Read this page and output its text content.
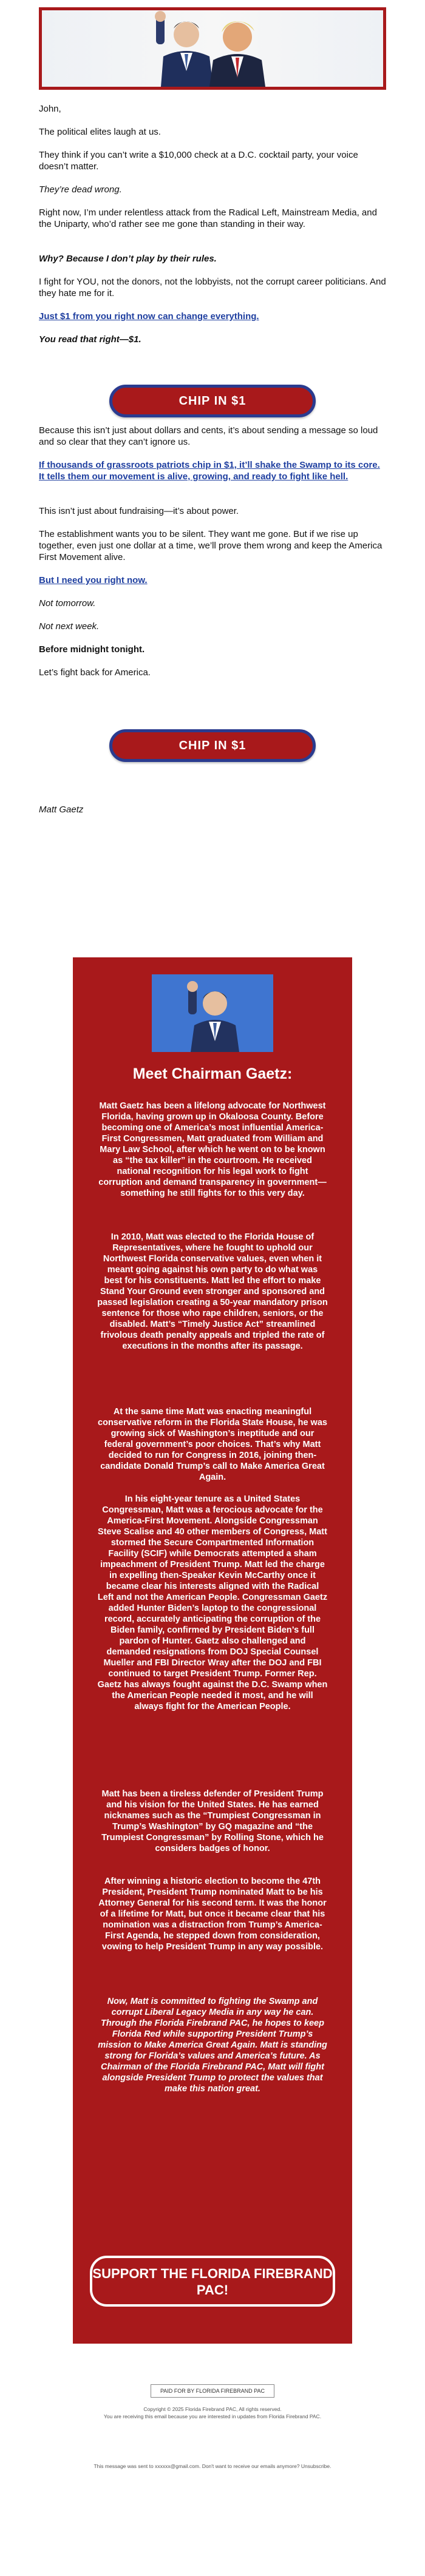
John,

The political elites laugh at us.

They think if you can’t write a $10,000 check at a D.C. cocktail party, your voice doesn’t matter.

They’re dead wrong.

Right now, I’m under relentless attack from the Radical Left, Mainstream Media, and the Uniparty, who’d rather see me gone than standing in their way.

Why? Because I don’t play by their rules.

I fight for YOU, not the donors, not the lobbyists, not the corrupt career politicians. And they hate me for it.

Just $1 from you right now can change everything.

You read that right—$1.

Because this isn’t just about dollars and cents, it’s about sending a message so loud and so clear that they can’t ignore us.

If thousands of grassroots patriots chip in $1, it’ll shake the Swamp to its core. It tells them our movement is alive, growing, and ready to fight like hell.

This isn’t just about fundraising—it’s about power.

The establishment wants you to be silent. They want me gone. But if we rise up together, even just one dollar at a time, we’ll prove them wrong and keep the America First Movement alive.

But I need you right now.

Not tomorrow.

Not next week.

Before midnight tonight.

Let’s fight back for America.

Matt Gaetz

CHIP IN $1
CHIP IN $1
Meet Chairman Gaetz:

Matt Gaetz has been a lifelong advocate for Northwest Florida, having grown up in Okaloosa County. Before becoming one of America’s most influential America-First Congressmen, Matt graduated from William and Mary Law School, after which he went on to be known as “the tax killer” in the courtroom. He received national recognition for his legal work to fight corruption and demand transparency in government—something he still fights for to this very day.

In 2010, Matt was elected to the Florida House of Representatives, where he fought to uphold our Northwest Florida conservative values, even when it meant going against his own party to do what was best for his constituents. Matt led the effort to make Stand Your Ground even stronger and sponsored and passed legislation creating a 50-year mandatory prison sentence for those who rape children, seniors, or the disabled. Matt’s “Timely Justice Act” streamlined frivolous death penalty appeals and tripled the rate of executions in the months after its passage.

At the same time Matt was enacting meaningful conservative reform in the Florida State House, he was growing sick of Washington’s ineptitude and our federal government’s poor choices. That’s why Matt decided to run for Congress in 2016, joining then-candidate Donald Trump’s call to Make America Great Again.

In his eight-year tenure as a United States Congressman, Matt was a ferocious advocate for the America-First Movement. Alongside Congressman Steve Scalise and 40 other members of Congress, Matt stormed the Secure Compartmented Information Facility (SCIF) while Democrats attempted a sham impeachment of President Trump. Matt led the charge in expelling then-Speaker Kevin McCarthy once it became clear his interests aligned with the Radical Left and not the American People. Congressman Gaetz added Hunter Biden’s laptop to the congressional record, accurately anticipating the corruption of the Biden family, confirmed by President Biden’s full pardon of Hunter. Gaetz also challenged and demanded resignations from DOJ Special Counsel Mueller and FBI Director Wray after the DOJ and FBI continued to target President Trump. Former Rep. Gaetz has always fought against the D.C. Swamp when the American People needed it most, and he will always fight for the American People.

Matt has been a tireless defender of President Trump and his vision for the United States. He has earned nicknames such as the “Trumpiest Congressman in Trump’s Washington” by GQ magazine and “the Trumpiest Congressman” by Rolling Stone, which he considers badges of honor.

After winning a historic election to become the 47th President, President Trump nominated Matt to be his Attorney General for his second term. It was the honor of a lifetime for Matt, but once it became clear that his nomination was a distraction from Trump’s America-First Agenda, he stepped down from consideration, vowing to help President Trump in any way possible.

Now, Matt is committed to fighting the Swamp and corrupt Liberal Legacy Media in any way he can. Through the Florida Firebrand PAC, he hopes to keep Florida Red while supporting President Trump’s mission to Make America Great Again. Matt is standing strong for Florida’s values and America’s future. As Chairman of the Florida Firebrand PAC, Matt will fight alongside President Trump to protect the values that make this nation great.

SUPPORT THE FLORIDA FIREBRAND PAC!
PAID FOR BY FLORIDA FIREBRAND PAC
Copyright © 2025 Florida Firebrand PAC, All rights reserved.
You are receiving this email because you are interested in updates from Florida Firebrand PAC.
This message was sent to xxxxxx@gmail.com. Don't want to receive our emails anymore? Unsubscribe.
